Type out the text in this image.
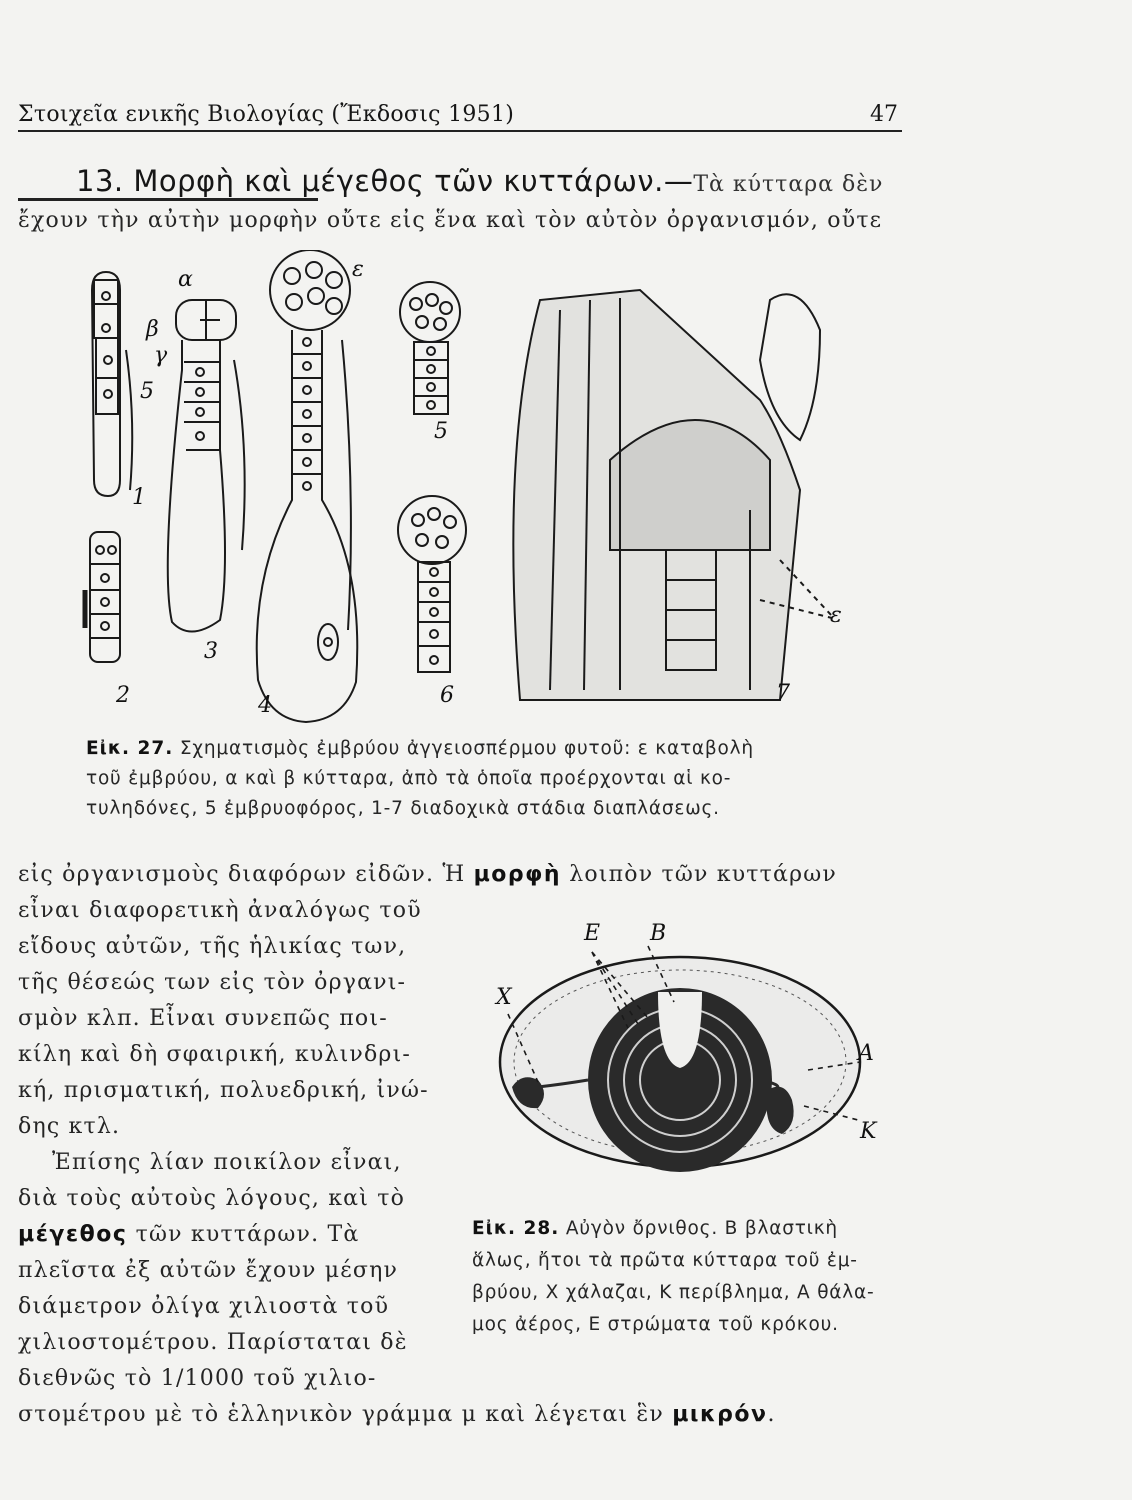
Στοιχεῖα ενικῆς Βιολογίας (Ἔκδοσις 1951)	47
13. Μορφὴ καὶ μέγεθος τῶν κυττάρων.—Τὰ κύτταρα δὲν
ἔχουν τὴν αὐτὴν μορφὴν οὔτε εἰς ἕνα καὶ τὸν αὐτὸν ὀργανισμόν, οὔτε
1
2
3
4
5
6	7
ε
α
β
γ
5
ε
Εἰκ. 27. Σχηματισμὸς ἐμβρύου ἀγγειοσπέρμου φυτοῦ: ε καταβολὴ
τοῦ ἐμβρύου, α καὶ β κύτταρα, ἀπὸ τὰ ὁποῖα προέρχονται αἱ κο-
τυληδόνες, 5 ἐμβρυοφόρος, 1-7 διαδοχικὰ στάδια διαπλάσεως.
εἰς ὀργανισμοὺς διαφόρων εἰδῶν. Ἡ μορφὴ λοιπὸν τῶν κυττάρων
εἶναι διαφορετικὴ ἀναλόγως τοῦ
εἴδους αὐτῶν, τῆς ἡλικίας των,
τῆς θέσεώς των εἰς τὸν ὀργανι-
σμὸν κλπ. Εἶναι συνεπῶς ποι-
κίλη καὶ δὴ σφαιρική, κυλινδρι-
κή, πρισματική, πολυεδρική, ἰνώ-
δης κτλ.
Ἐπίσης λίαν ποικίλον εἶναι,
διὰ τοὺς αὐτοὺς λόγους, καὶ τὸ
μέγεθος τῶν κυττάρων. Τὰ
πλεῖστα ἐξ αὐτῶν ἔχουν μέσην
διάμετρον ὀλίγα χιλιοστὰ τοῦ
χιλιοστομέτρου. Παρίσταται δὲ
διεθνῶς τὸ 1/1000 τοῦ χιλιο-
στομέτρου μὲ τὸ ἑλληνικὸν γράμμα μ καὶ λέγεται ἓν μικρόν.
E B
X
A
K
Εἰκ. 28. Αὐγὸν ὄρνιθος. Β βλαστικὴ
ἅλως, ἤτοι τὰ πρῶτα κύτταρα τοῦ ἐμ-
βρύου, Χ χάλαζαι, Κ περίβλημα, Α θάλα-
μος ἀέρος, Ε στρώματα τοῦ κρόκου.
